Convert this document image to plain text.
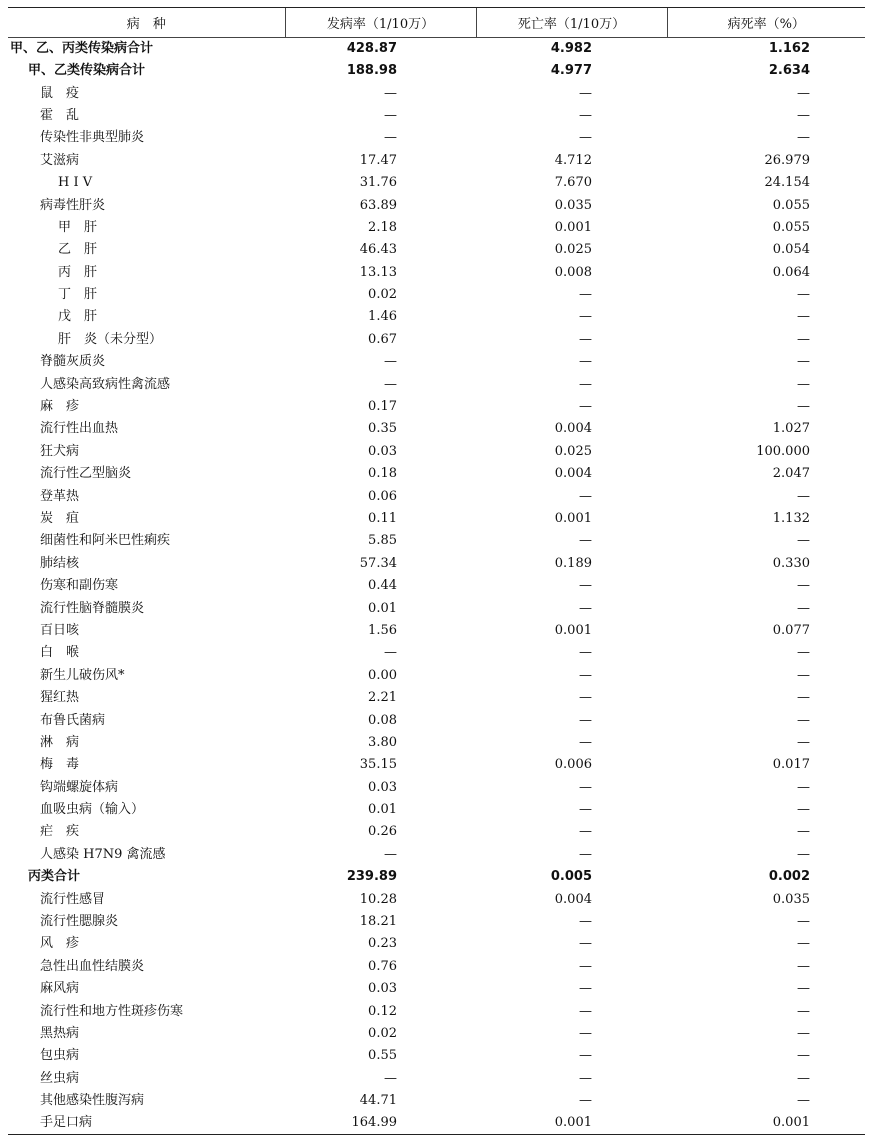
病　种	发病率（1/10万）	死亡率（1/10万）	病死率（%）
甲、乙、丙类传染病合计	428.87	4.982	1.162
甲、乙类传染病合计	188.98	4.977	2.634
鼠　疫	—	—	—
霍　乱	—	—	—
传染性非典型肺炎	—	—	—
艾滋病	17.47	4.712	26.979
H I V	31.76	7.670	24.154
病毒性肝炎	63.89	0.035	0.055
甲　肝	2.18	0.001	0.055
乙　肝	46.43	0.025	0.054
丙　肝	13.13	0.008	0.064
丁　肝	0.02	—	—
戊　肝	1.46	—	—
肝　炎（未分型）	0.67	—	—
脊髓灰质炎	—	—	—
人感染高致病性禽流感	—	—	—
麻　疹	0.17	—	—
流行性出血热	0.35	0.004	1.027
狂犬病	0.03	0.025	100.000
流行性乙型脑炎	0.18	0.004	2.047
登革热	0.06	—	—
炭　疽	0.11	0.001	1.132
细菌性和阿米巴性痢疾	5.85	—	—
肺结核	57.34	0.189	0.330
伤寒和副伤寒	0.44	—	—
流行性脑脊髓膜炎	0.01	—	—
百日咳	1.56	0.001	0.077
白　喉	—	—	—
新生儿破伤风*	0.00	—	—
猩红热	2.21	—	—
布鲁氏菌病	0.08	—	—
淋　病	3.80	—	—
梅　毒	35.15	0.006	0.017
钩端螺旋体病	0.03	—	—
血吸虫病（输入）	0.01	—	—
疟　疾	0.26	—	—
人感染 H7N9 禽流感	—	—	—
丙类合计	239.89	0.005	0.002
流行性感冒	10.28	0.004	0.035
流行性腮腺炎	18.21	—	—
风　疹	0.23	—	—
急性出血性结膜炎	0.76	—	—
麻风病	0.03	—	—
流行性和地方性斑疹伤寒	0.12	—	—
黑热病	0.02	—	—
包虫病	0.55	—	—
丝虫病	—	—	—
其他感染性腹泻病	44.71	—	—
手足口病	164.99	0.001	0.001
